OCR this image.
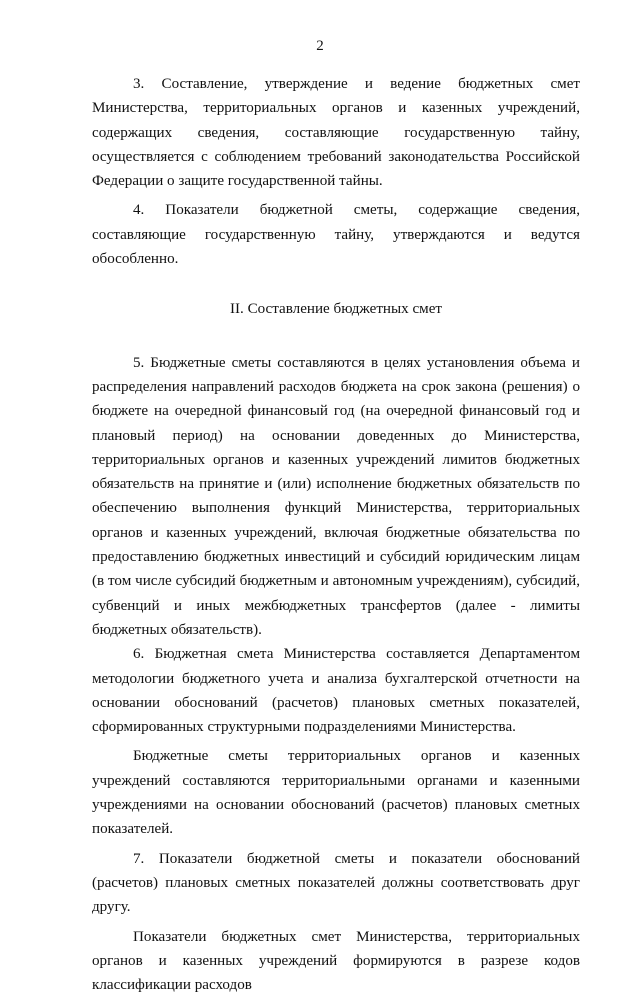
2

3. Составление, утверждение и ведение бюджетных смет Министерства, территориальных органов и казенных учреждений, содержащих сведения, составляющие государственную тайну, осуществляется с соблюдением требований законодательства Российской Федерации о защите государственной тайны.

4. Показатели бюджетной сметы, содержащие сведения, составляющие государственную тайну, утверждаются и ведутся обособленно.

II. Составление бюджетных смет

5. Бюджетные сметы составляются в целях установления объема и распределения направлений расходов бюджета на срок закона (решения) о бюджете на очередной финансовый год (на очередной финансовый год и плановый период) на основании доведенных до Министерства, территориальных органов и казенных учреждений лимитов бюджетных обязательств на принятие и (или) исполнение бюджетных обязательств по обеспечению выполнения функций Министерства, территориальных органов и казенных учреждений, включая бюджетные обязательства по предоставлению бюджетных инвестиций и субсидий юридическим лицам (в том числе субсидий бюджетным и автономным учреждениям), субсидий, субвенций и иных межбюджетных трансфертов (далее - лимиты бюджетных обязательств).

6. Бюджетная смета Министерства составляется Департаментом методологии бюджетного учета и анализа бухгалтерской отчетности на основании обоснований (расчетов) плановых сметных показателей, сформированных структурными подразделениями Министерства.

Бюджетные сметы территориальных органов и казенных учреждений составляются территориальными органами и казенными учреждениями на основании обоснований (расчетов) плановых сметных показателей.

7. Показатели бюджетной сметы и показатели обоснований (расчетов) плановых сметных показателей должны соответствовать друг другу.

Показатели бюджетных смет Министерства, территориальных органов и казенных учреждений формируются в разрезе кодов классификации расходов
